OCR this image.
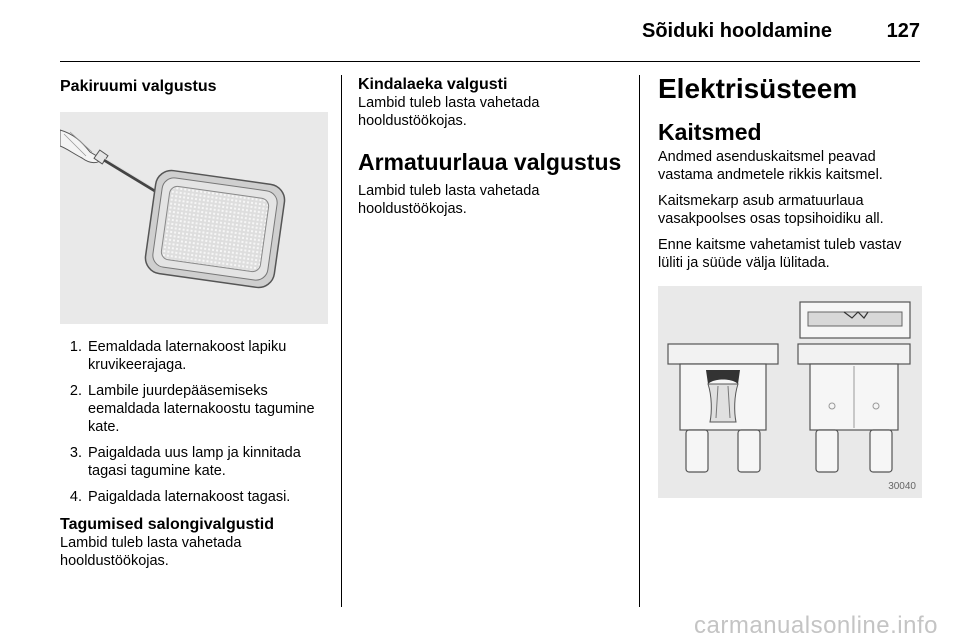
Sõiduki hooldamine	127
Pakiruumi valgustus
1. Eemaldada laternakoost lapiku kruvikeerajaga.
2. Lambile juurdepääsemiseks eemaldada laternakoostu tagumine kate.
3. Paigaldada uus lamp ja kinnitada tagasi tagumine kate.
4. Paigaldada laternakoost tagasi.
Tagumised salongivalgustid
Lambid tuleb lasta vahetada hooldustöökojas.
Kindalaeka valgusti
Lambid tuleb lasta vahetada hooldustöökojas.
Armatuurlaua valgustus
Lambid tuleb lasta vahetada hooldustöökojas.
Elektrisüsteem
Kaitsmed
Andmed asenduskaitsmel peavad vastama andmetele rikkis kaitsmel.
Kaitsmekarp asub armatuurlaua vasakpoolses osas topsihoidiku all.
Enne kaitsme vahetamist tuleb vastav lüliti ja süüde välja lülitada.
30040
carmanualsonline.info
